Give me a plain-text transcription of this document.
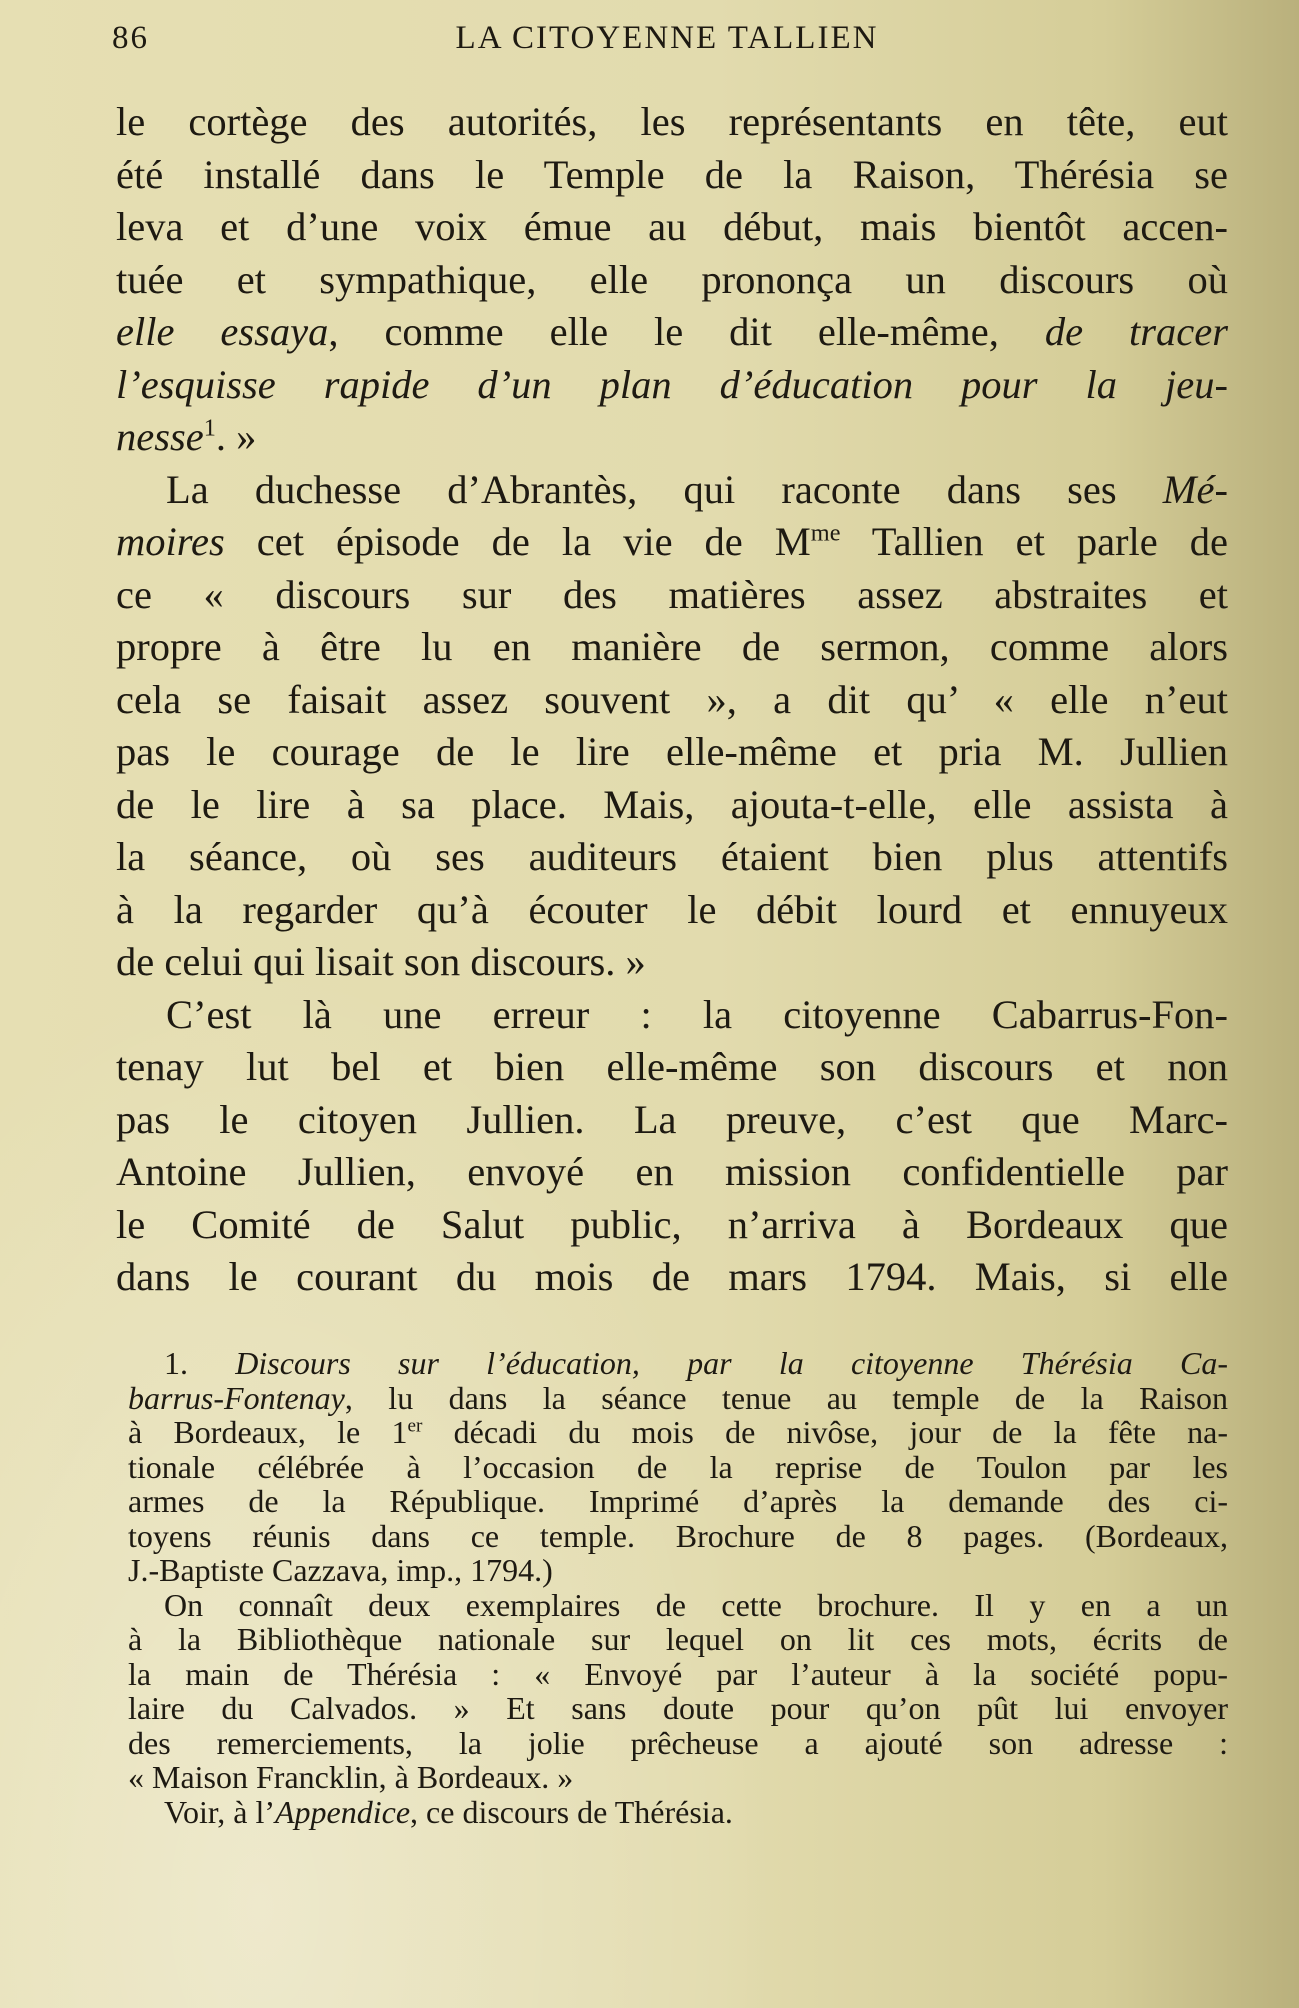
86	LA CITOYENNE TALLIEN
le cortège des autorités, les représentants en tête, eut
été installé dans le Temple de la Raison, Thérésia se
leva et d’une voix émue au début, mais bientôt accen-
tuée et sympathique, elle prononça un discours où
elle essaya, comme elle le dit elle-même, de tracer
l’esquisse rapide d’un plan d’éducation pour la jeu-
nesse$^1$. »
La duchesse d’Abrantès, qui raconte dans ses Mé-
moires cet épisode de la vie de $M^{me}$ Tallien et parle de
ce « discours sur des matières assez abstraites et
propre à être lu en manière de sermon, comme alors
cela se faisait assez souvent », a dit qu’ « elle n’eut
pas le courage de le lire elle-même et pria M. Jullien
de le lire à sa place. Mais, ajouta-t-elle, elle assista à
la séance, où ses auditeurs étaient bien plus attentifs
à la regarder qu’à écouter le débit lourd et ennuyeux
de celui qui lisait son discours. »
C’est là une erreur : la citoyenne Cabarrus-Fon-
tenay lut bel et bien elle-même son discours et non
pas le citoyen Jullien. La preuve, c’est que Marc-
Antoine Jullien, envoyé en mission confidentielle par
le Comité de Salut public, n’arriva à Bordeaux que
dans le courant du mois de mars 1794. Mais, si elle
1. Discours sur l’éducation, par la citoyenne Thérésia Ca-
barrus-Fontenay, lu dans la séance tenue au temple de la Raison
à Bordeaux, le 1er décadi du mois de nivôse, jour de la fête na-
tionale célébrée à l’occasion de la reprise de Toulon par les
armes de la République. Imprimé d’après la demande des ci-
toyens réunis dans ce temple. Brochure de 8 pages. (Bordeaux,
J.-Baptiste Cazzava, imp., 1794.)
On connaît deux exemplaires de cette brochure. Il y en a un
à la Bibliothèque nationale sur lequel on lit ces mots, écrits de
la main de Thérésia : « Envoyé par l’auteur à la société popu-
laire du Calvados. » Et sans doute pour qu’on pût lui envoyer
des remerciements, la jolie prêcheuse a ajouté son adresse :
« Maison Francklin, à Bordeaux. »
Voir, à l’Appendice, ce discours de Thérésia.
